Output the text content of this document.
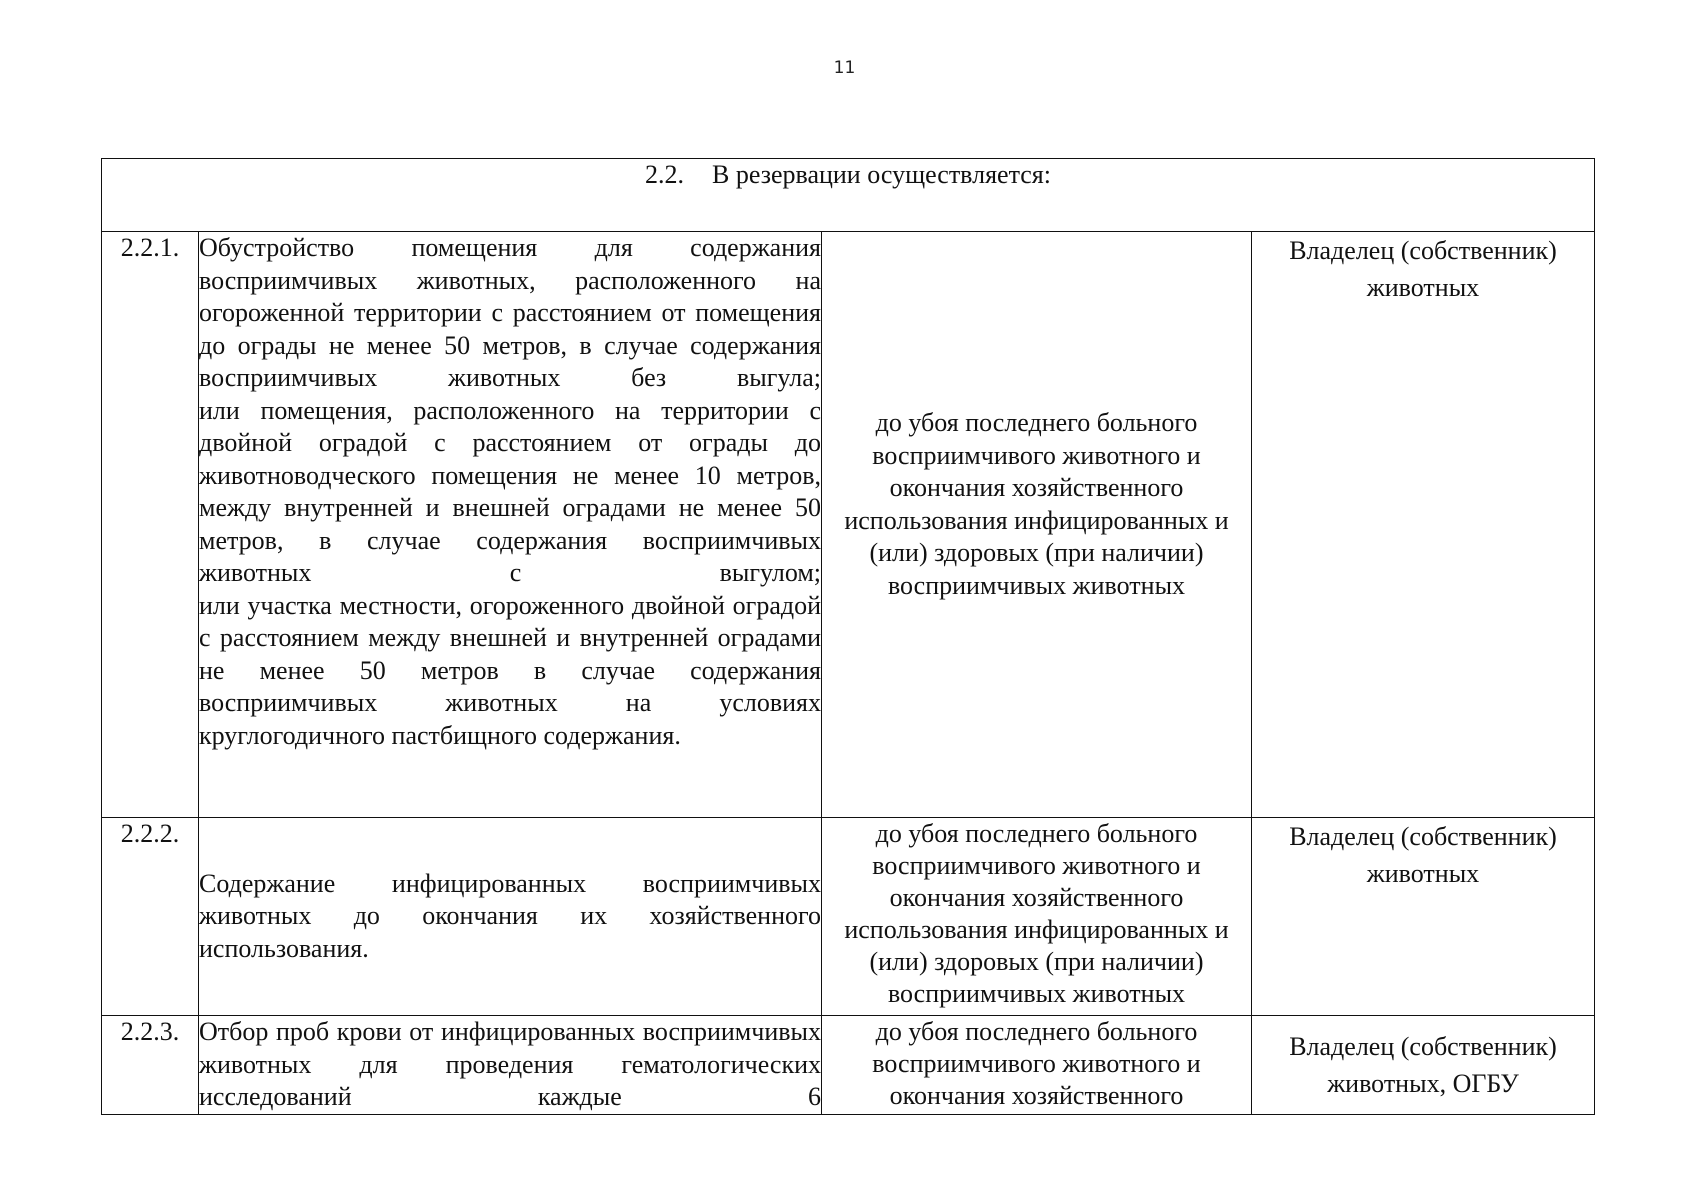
11
2.2. В резервации осуществляется:			
2.2.1.	Обустройство помещения для содержания восприимчивых животных, расположенного на огороженной территории с расстоянием от помещения до ограды не менее 50 метров, в случае содержания восприимчивых животных без выгула;
или помещения, расположенного на территории с двойной оградой с расстоянием от ограды до животноводческого помещения не менее 10 метров, между внутренней и внешней оградами не менее 50 метров, в случае содержания восприимчивых животных с выгулом;
или участка местности, огороженного двойной оградой с расстоянием между внешней и внутренней оградами не менее 50 метров в случае содержания восприимчивых животных на условиях круглогодичного пастбищного содержания.	до убоя последнего больного восприимчивого животного и окончания хозяйственного использования инфицированных и (или) здоровых (при наличии) восприимчивых животных	Владелец (собственник) животных

2.2.2.	Содержание инфицированных восприимчивых животных до окончания их хозяйственного использования.	до убоя последнего больного восприимчивого животного и окончания хозяйственного использования инфицированных и (или) здоровых (при наличии) восприимчивых животных	Владелец (собственник) животных

2.2.3.	Отбор проб крови от инфицированных восприимчивых животных для проведения гематологических исследований каждые 6	до убоя последнего больного восприимчивого животного и окончания хозяйственного	Владелец (собственник) животных, ОГБУ
